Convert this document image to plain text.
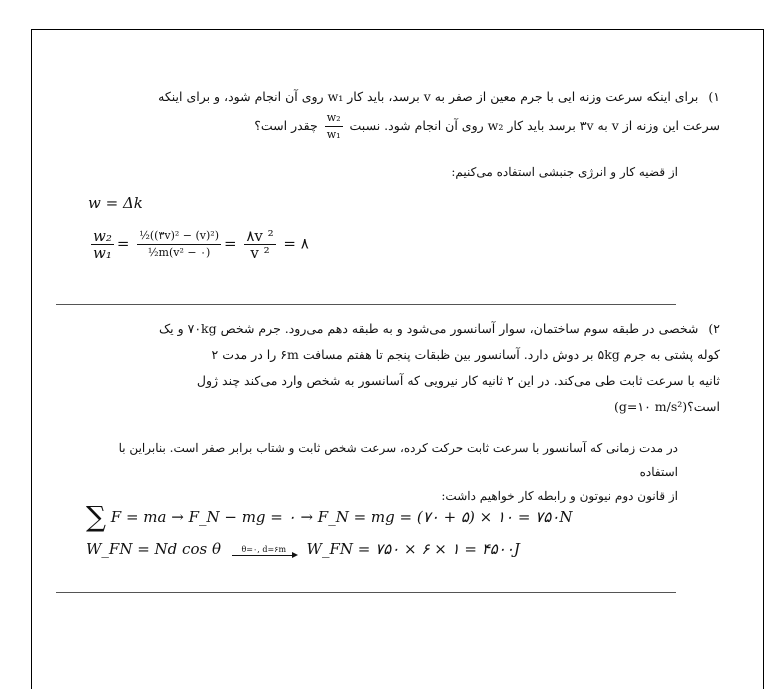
۱) برای اینکه سرعت وزنه ایی با جرم معین از صفر به v برسد، باید کار w₁ روی آن انجام شود، و برای اینکه
سرعت این وزنه از v به ۳v برسد باید کار w₂ روی آن انجام شود. نسبت
$\frac{\text{w₂}}{\text{w₁}}$
چقدر است؟
از قضیه کار و انرژی جنبشی استفاده می‌کنیم:
w = Δk
$\frac{\text{w₂}}{\text{w₁}} = \frac{\text{½((۳v)² − (v)²)}}{\text{½m(v² − ۰)}} = \frac{\text{۸v ²}}{\text{v ²}}$ = ۸
۲) شخصی در طبقه سوم ساختمان، سوار آسانسور می‌شود و به طبقه دهم می‌رود. جرم شخص ۷۰kg و یک
کوله پشتی به جرم ۵kg بر دوش دارد. آسانسور بین ظبقات پنجم تا هفتم مسافت ۶m را در مدت ۲
ثانیه با سرعت ثابت طی می‌کند. در این ۲ ثانیه کار نیرویی که آسانسور به شخص وارد می‌کند چند ژول
است؟(g=۱۰ m/s²)
در مدت زمانی که آسانسور با سرعت ثابت حرکت کرده، سرعت شخص ثابت و شتاب برابر صفر است. بنابراین با استفاده
از قانون دوم نیوتون و رابطه کار خواهیم داشت:
∑ F = ma → F_N − mg = ۰ → F_N = mg = (۷۰ + ۵) × ۱۰ = ۷۵۰N
W_FN = Nd cos θ	θ=۰, d=۶m	W_FN = ۷۵۰ × ۶ × ۱ = ۴۵۰۰J
